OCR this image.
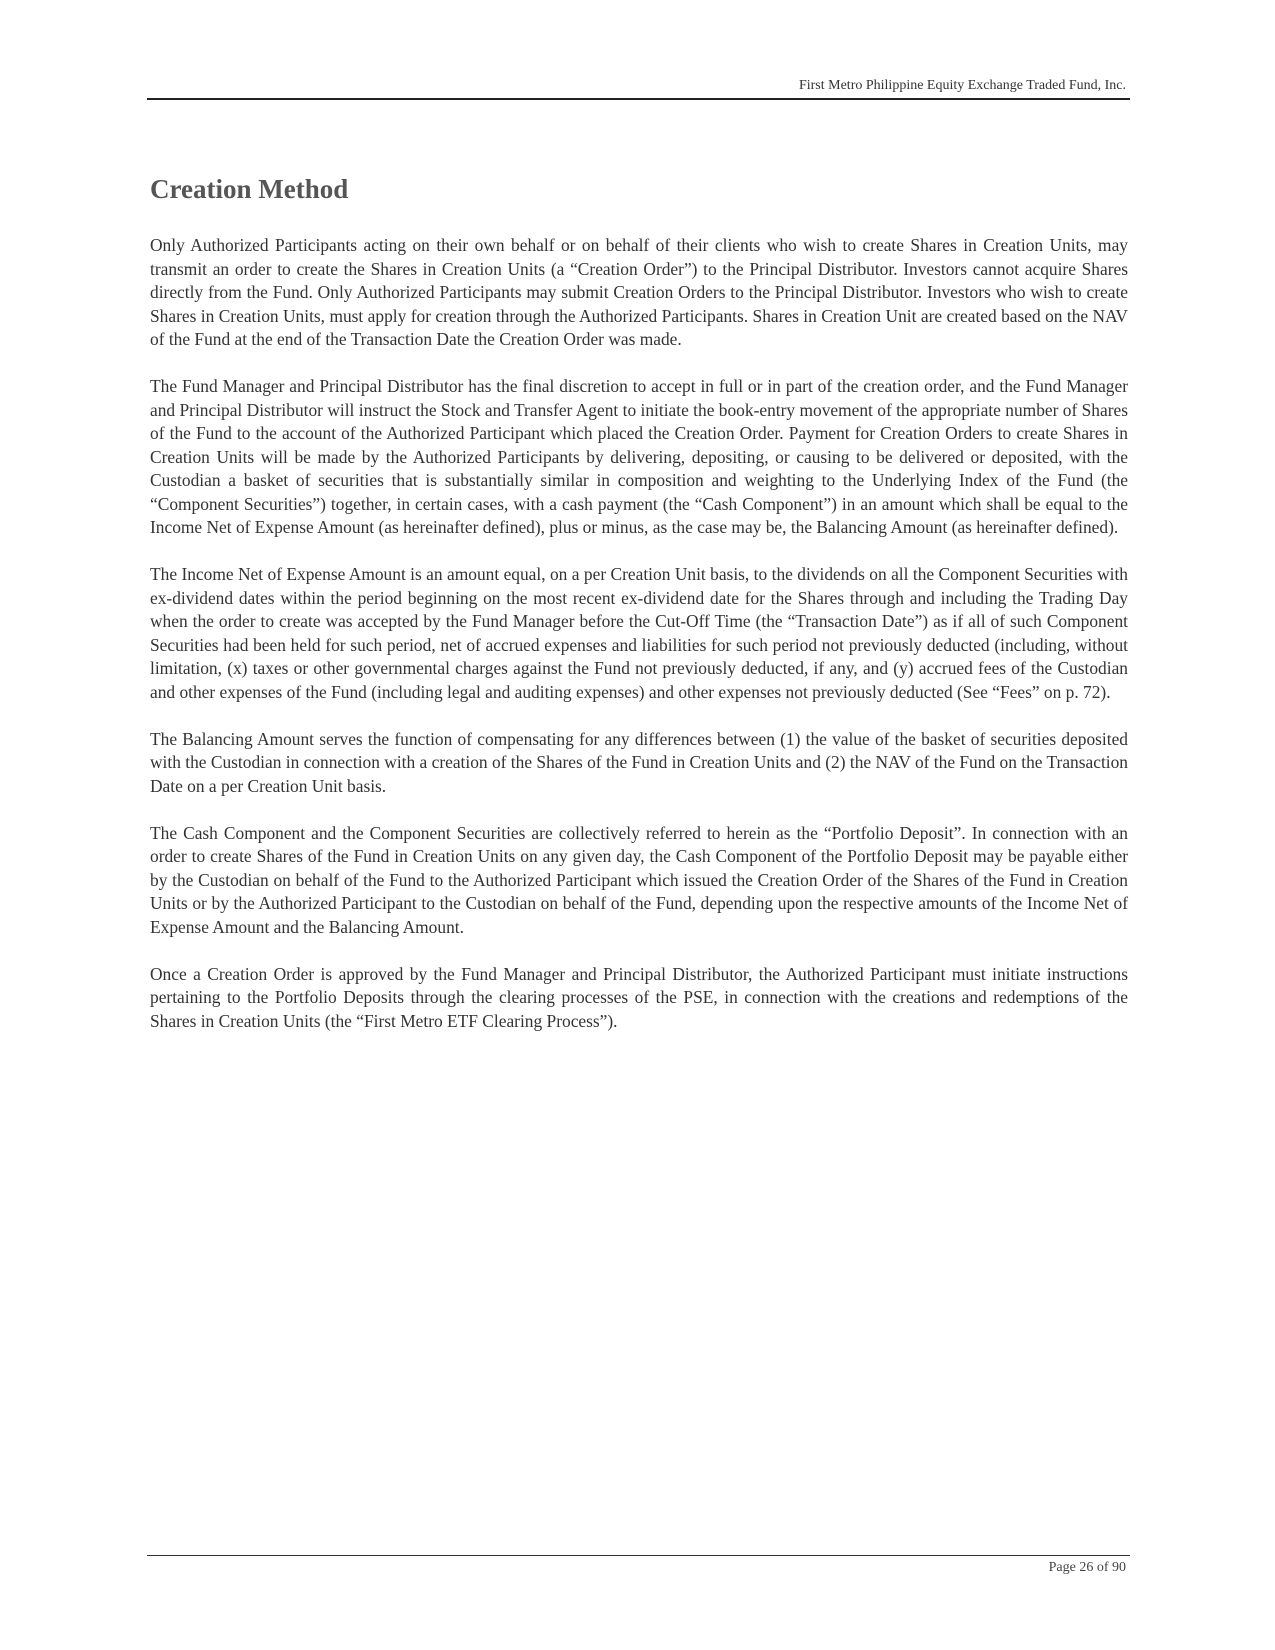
First Metro Philippine Equity Exchange Traded Fund, Inc.
Creation Method

Only Authorized Participants acting on their own behalf or on behalf of their clients who wish to create Shares in Creation Units, may transmit an order to create the Shares in Creation Units (a “Creation Order”) to the Principal Distributor. Investors cannot acquire Shares directly from the Fund. Only Authorized Participants may submit Creation Orders to the Principal Distributor. Investors who wish to create Shares in Creation Units, must apply for creation through the Authorized Participants. Shares in Creation Unit are created based on the NAV of the Fund at the end of the Transaction Date the Creation Order was made.

The Fund Manager and Principal Distributor has the final discretion to accept in full or in part of the creation order, and the Fund Manager and Principal Distributor will instruct the Stock and Transfer Agent to initiate the book-entry movement of the appropriate number of Shares of the Fund to the account of the Authorized Participant which placed the Creation Order. Payment for Creation Orders to create Shares in Creation Units will be made by the Authorized Participants by delivering, depositing, or causing to be delivered or deposited, with the Custodian a basket of securities that is substantially similar in composition and weighting to the Underlying Index of the Fund (the “Component Securities”) together, in certain cases, with a cash payment (the “Cash Component”) in an amount which shall be equal to the Income Net of Expense Amount (as hereinafter defined), plus or minus, as the case may be, the Balancing Amount (as hereinafter defined).

The Income Net of Expense Amount is an amount equal, on a per Creation Unit basis, to the dividends on all the Component Securities with ex-dividend dates within the period beginning on the most recent ex-dividend date for the Shares through and including the Trading Day when the order to create was accepted by the Fund Manager before the Cut-Off Time (the “Transaction Date”) as if all of such Component Securities had been held for such period, net of accrued expenses and liabilities for such period not previously deducted (including, without limitation, (x) taxes or other governmental charges against the Fund not previously deducted, if any, and (y) accrued fees of the Custodian and other expenses of the Fund (including legal and auditing expenses) and other expenses not previously deducted (See “Fees” on p. 72).

The Balancing Amount serves the function of compensating for any differences between (1) the value of the basket of securities deposited with the Custodian in connection with a creation of the Shares of the Fund in Creation Units and (2) the NAV of the Fund on the Transaction Date on a per Creation Unit basis.

The Cash Component and the Component Securities are collectively referred to herein as the “Portfolio Deposit”. In connection with an order to create Shares of the Fund in Creation Units on any given day, the Cash Component of the Portfolio Deposit may be payable either by the Custodian on behalf of the Fund to the Authorized Participant which issued the Creation Order of the Shares of the Fund in Creation Units or by the Authorized Participant to the Custodian on behalf of the Fund, depending upon the respective amounts of the Income Net of Expense Amount and the Balancing Amount.

Once a Creation Order is approved by the Fund Manager and Principal Distributor, the Authorized Participant must initiate instructions pertaining to the Portfolio Deposits through the clearing processes of the PSE, in connection with the creations and redemptions of the Shares in Creation Units (the “First Metro ETF Clearing Process”).

Page 26 of 90
